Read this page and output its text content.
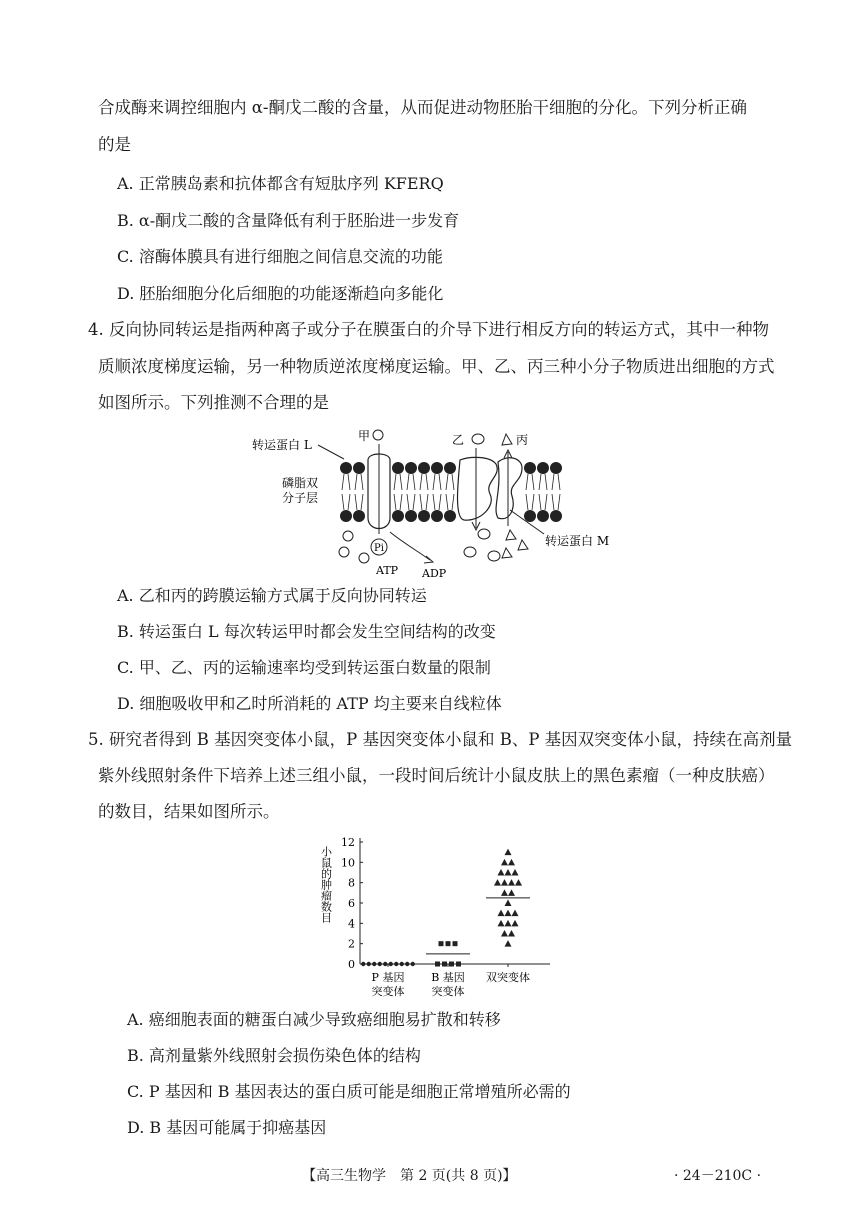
合成酶来调控细胞内 α-酮戊二酸的含量，从而促进动物胚胎干细胞的分化。下列分析正确
的是
A. 正常胰岛素和抗体都含有短肽序列 KFERQ
B. α-酮戊二酸的含量降低有利于胚胎进一步发育
C. 溶酶体膜具有进行细胞之间信息交流的功能
D. 胚胎细胞分化后细胞的功能逐渐趋向多能化
4. 反向协同转运是指两种离子或分子在膜蛋白的介导下进行相反方向的转运方式，其中一种物
质顺浓度梯度运输，另一种物质逆浓度梯度运输。甲、乙、丙三种小分子物质进出细胞的方式
如图所示。下列推测不合理的是
转运蛋白 L
甲	乙	丙
磷脂双
分子层
转运蛋白 M
Pi
ATP ADP
A. 乙和丙的跨膜运输方式属于反向协同转运
B. 转运蛋白 L 每次转运甲时都会发生空间结构的改变
C. 甲、乙、丙的运输速率均受到转运蛋白数量的限制
D. 细胞吸收甲和乙时所消耗的 ATP 均主要来自线粒体
5. 研究者得到 B 基因突变体小鼠，P 基因突变体小鼠和 B、P 基因双突变体小鼠，持续在高剂量
紫外线照射条件下培养上述三组小鼠，一段时间后统计小鼠皮肤上的黑色素瘤（一种皮肤癌）
的数目，结果如图所示。
小鼠的肿瘤数目
0
2
4
6
8
10
12
P 基因
突变体
B 基因
突变体
双突变体
A. 癌细胞表面的糖蛋白减少导致癌细胞易扩散和转移
B. 高剂量紫外线照射会损伤染色体的结构
C. P 基因和 B 基因表达的蛋白质可能是细胞正常增殖所必需的
D. B 基因可能属于抑癌基因
【高三生物学　第 2 页(共 8 页)】	· 24－210C ·
